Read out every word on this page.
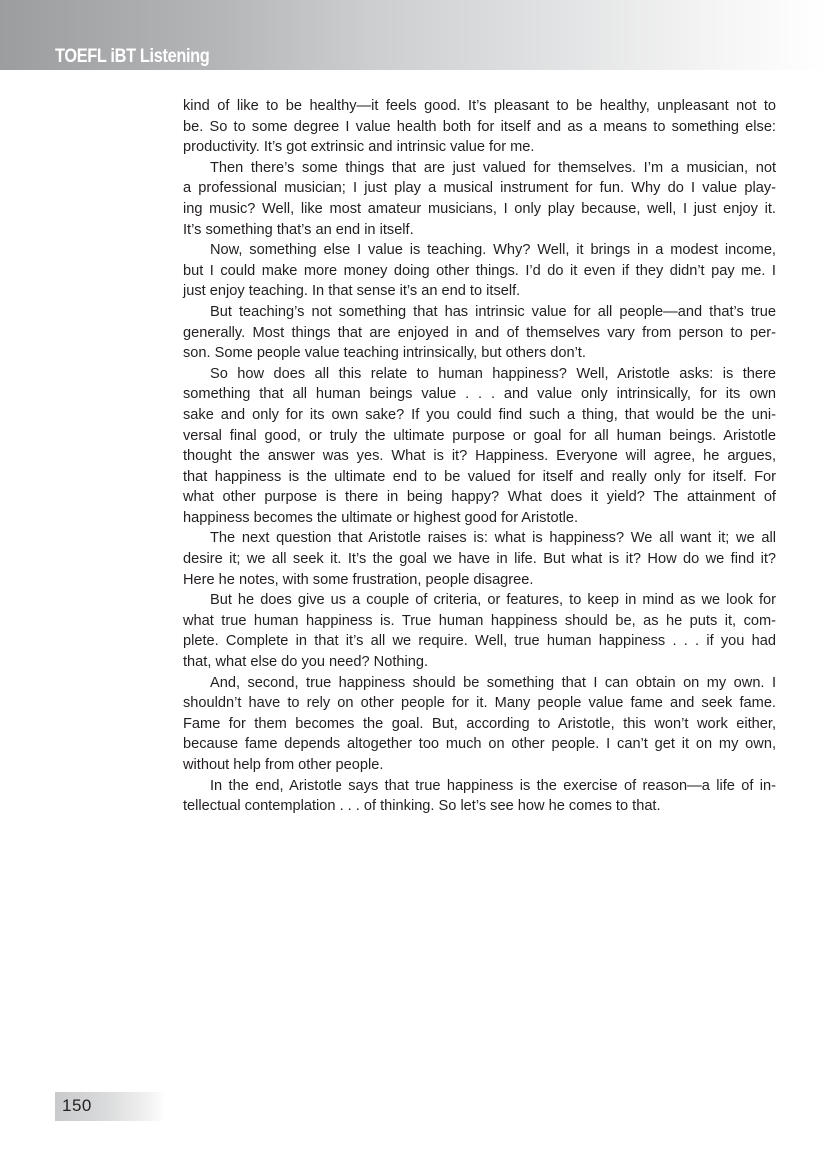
TOEFL iBT Listening
kind of like to be healthy—it feels good. It’s pleasant to be healthy, unpleasant not to
be. So to some degree I value health both for itself and as a means to something else:
productivity. It’s got extrinsic and intrinsic value for me.
Then there’s some things that are just valued for themselves. I’m a musician, not
a professional musician; I just play a musical instrument for fun. Why do I value play-
ing music? Well, like most amateur musicians, I only play because, well, I just enjoy it.
It’s something that’s an end in itself.
Now, something else I value is teaching. Why? Well, it brings in a modest income,
but I could make more money doing other things. I’d do it even if they didn’t pay me. I
just enjoy teaching. In that sense it’s an end to itself.
But teaching’s not something that has intrinsic value for all people—and that’s true
generally. Most things that are enjoyed in and of themselves vary from person to per-
son. Some people value teaching intrinsically, but others don’t.
So how does all this relate to human happiness? Well, Aristotle asks: is there
something that all human beings value . . . and value only intrinsically, for its own
sake and only for its own sake? If you could find such a thing, that would be the uni-
versal final good, or truly the ultimate purpose or goal for all human beings. Aristotle
thought the answer was yes. What is it? Happiness. Everyone will agree, he argues,
that happiness is the ultimate end to be valued for itself and really only for itself. For
what other purpose is there in being happy? What does it yield? The attainment of
happiness becomes the ultimate or highest good for Aristotle.
The next question that Aristotle raises is: what is happiness? We all want it; we all
desire it; we all seek it. It’s the goal we have in life. But what is it? How do we find it?
Here he notes, with some frustration, people disagree.
But he does give us a couple of criteria, or features, to keep in mind as we look for
what true human happiness is. True human happiness should be, as he puts it, com-
plete. Complete in that it’s all we require. Well, true human happiness . . . if you had
that, what else do you need? Nothing.
And, second, true happiness should be something that I can obtain on my own. I
shouldn’t have to rely on other people for it. Many people value fame and seek fame.
Fame for them becomes the goal. But, according to Aristotle, this won’t work either,
because fame depends altogether too much on other people. I can’t get it on my own,
without help from other people.
In the end, Aristotle says that true happiness is the exercise of reason—a life of in-
tellectual contemplation . . . of thinking. So let’s see how he comes to that.
150
